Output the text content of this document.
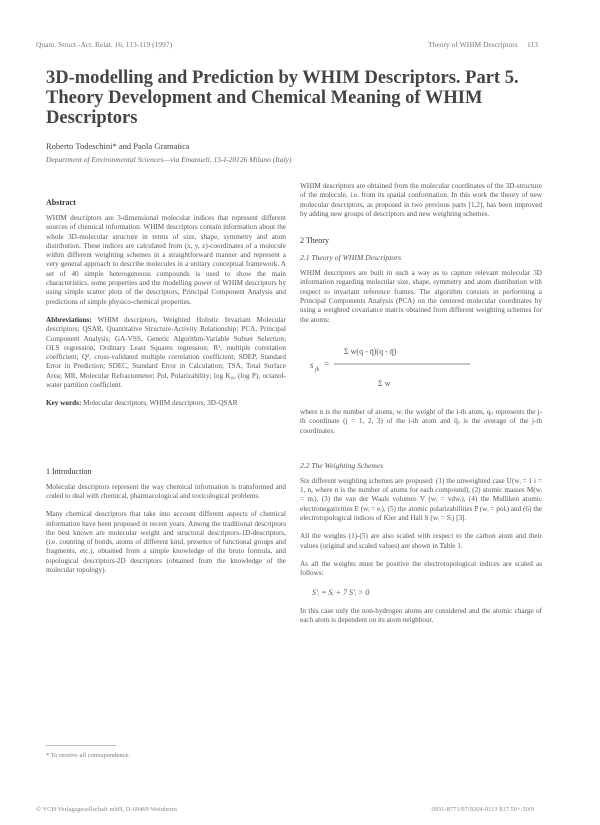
Quant. Struct.-Act. Relat. 16, 113-119 (1997)	Theory of WHIM Descriptors 113
3D-modelling and Prediction by WHIM Descriptors. Part 5. Theory Development and Chemical Meaning of WHIM Descriptors
Roberto Todeschini* and Paola Gramatica
Department of Environmental Sciences—via Emanueli, 15-I-20126 Milano (Italy)
Abstract

WHIM descriptors are 3-dimensional molecular indices that represent different sources of chemical information. WHIM descriptors contain information about the whole 3D-molecular structure in terms of size, shape, symmetry and atom distribution. These indices are calculated from (x, y, z)-coordinates of a molecule within different weighting schemes in a straightforward manner and represent a very general approach to describe molecules in a unitary conceptual framework. A set of 40 simple heterogeneous compounds is used to show the main characteristics, some properties and the modelling power of WHIM descriptors by using simple scatter plots of the descriptors, Principal Component Analysis and predictions of simple physico-chemical properties.

Abbreviations: WHIM descriptors, Weighted Holistic Invariant Molecular descriptors; QSAR, Quantitative Structure-Activity Relationship; PCA, Principal Component Analysis; GA-VSS, Genetic Algorithm-Variable Subset Selection; OLS regression, Ordinary Least Squares regression; R², multiple correlation coefficient; Q², cross-validated multiple correlation coefficient; SDEP, Standard Error in Prediction; SDEC, Standard Error in Calculation; TSA, Total Surface Area; MR, Molecular Refractometer; Pol, Polarizability; log K₀₀ (log P), octanol-water partition coefficient.

Key words: Molecular descriptors, WHIM descriptors, 3D-QSAR

1 Introduction

Molecular descriptors represent the way chemical information is transformed and coded to deal with chemical, pharmacological and toxicological problems.

Many chemical descriptors that take into account different aspects of chemical information have been proposed in recent years. Among the traditional descriptors the best known are molecular weight and structural descriptors-1D-descriptors, (i.e. counting of bonds, atoms of different kind, presence of functional groups and fragments, etc.), obtained from a simple knowledge of the bruto formula, and topological descriptors-2D descriptors (obtained from the knowledge of the molecular topology).

* To receive all correspondence.

WHIM descriptors are obtained from the molecular coordinates of the 3D-structure of the molecule, i.e. from its spatial conformation. In this work the theory of new molecular descriptors, as proposed in two previous parts [1,2], has been improved by adding new groups of descriptors and new weighting schemes.

2 Theory
2.1 Theory of WHIM Descriptors

WHIM descriptors are built in such a way as to capture relevant molecular 3D information regarding molecular size, shape, symmetry and atom distribution with respect to invariant reference frames. The algorithm consists in performing a Principal Components Analysis (PCA) on the centered molecular coordinates by using a weighted covariance matrix obtained from different weighting schemes for the atoms:

s jk
=
Σ w(q - q̄)(q - q̄)
Σ w

where n is the number of atoms, wᵢ the weight of the i-th atom, qᵢⱼ represents the j-th coordinate (j = 1, 2, 3) of the i-th atom and q̄ⱼ is the average of the j-th coordinates.

2.2 The Weighting Schemes

Six different weighting schemes are proposed: (1) the unweighted case U(wᵢ = 1 i = 1, n, where n is the number of atoms for each compound), (2) atomic masses M(wᵢ = mᵢ), (3) the van der Waals volumes V (wᵢ = vdwᵢ), (4) the Mulliken atomic electronegativities E (wᵢ = eᵢ), (5) the atomic polarizabilities P (wᵢ = polᵢ) and (6) the electrotopological indices of Kier and Hall S (wᵢ = Sᵢ) [3].

All the weights (1)-(5) are also scaled with respect to the carbon atom and their values (original and scaled values) are shown in Table 1.

As all the weights must be positive the electrotopological indices are scaled as follows:

S'ᵢ = Sᵢ + 7 S'ᵢ > 0

In this case only the non-hydrogen atoms are considered and the atomic charge of each atom is dependent on its atom neighbour.

© VCH Verlagsgesellschaft mbH, D-69469 Weinheim	0931-8771/97/0204-0113 $17.50+.50/0
